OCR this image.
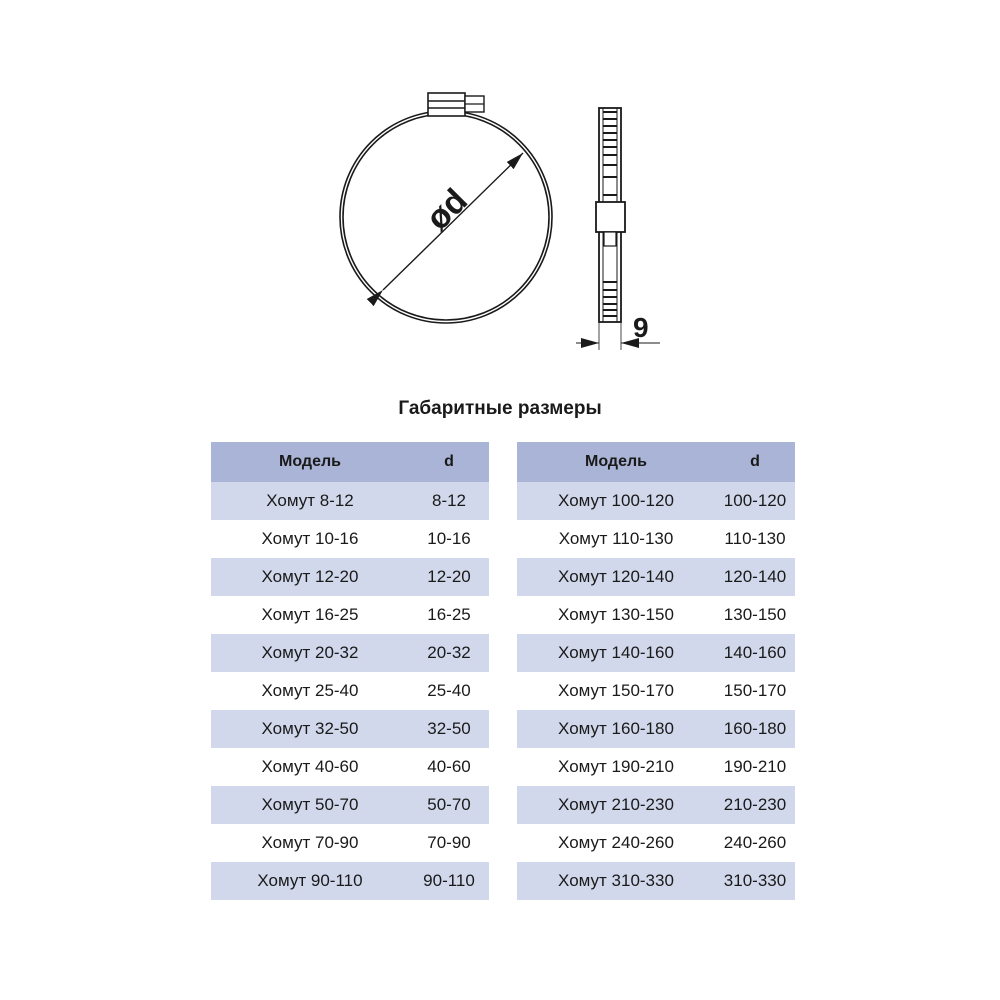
ød
9
Габаритные размеры
Модель	d
Хомут 8-12	8-12
Хомут 10-16	10-16
Хомут 12-20	12-20
Хомут 16-25	16-25
Хомут 20-32	20-32
Хомут 25-40	25-40
Хомут 32-50	32-50
Хомут 40-60	40-60
Хомут 50-70	50-70
Хомут 70-90	70-90
Хомут 90-110	90-110
Модель	d
Хомут 100-120	100-120
Хомут 110-130	110-130
Хомут 120-140	120-140
Хомут 130-150	130-150
Хомут 140-160	140-160
Хомут 150-170	150-170
Хомут 160-180	160-180
Хомут 190-210	190-210
Хомут 210-230	210-230
Хомут 240-260	240-260
Хомут 310-330	310-330
